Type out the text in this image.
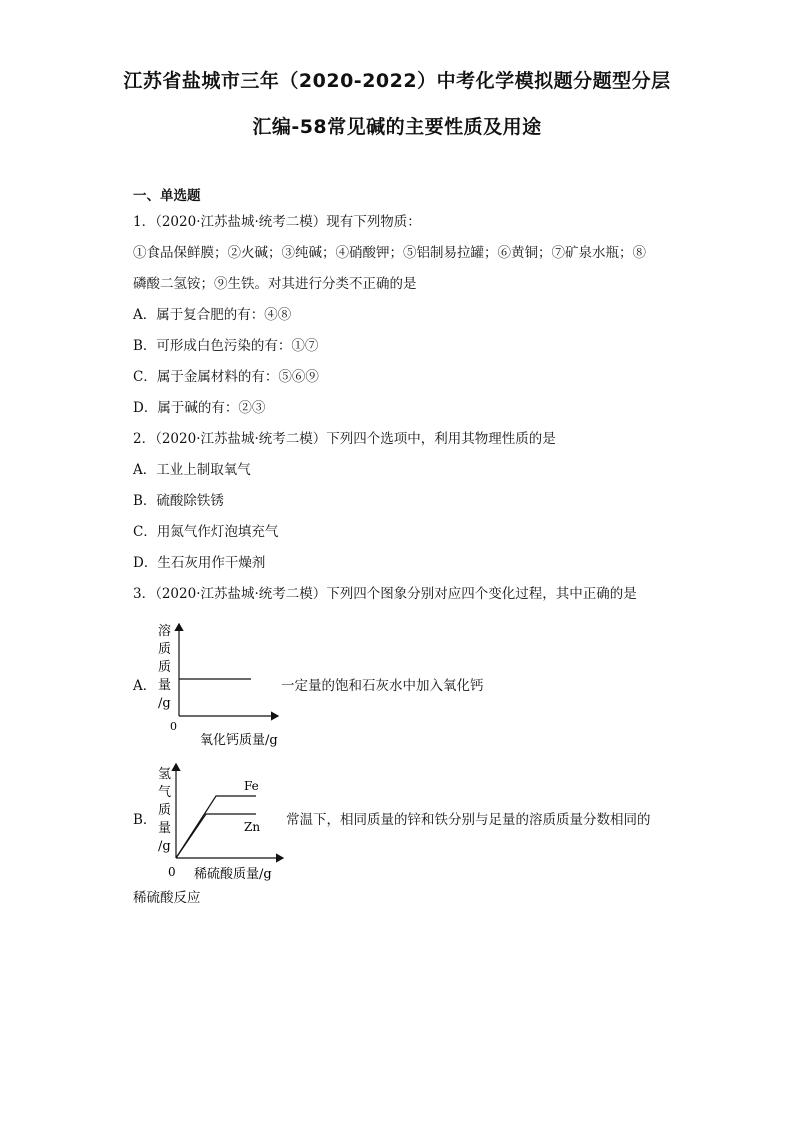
江苏省盐城市三年（2020-2022）中考化学模拟题分题型分层
汇编-58常见碱的主要性质及用途
一、单选题
1．（2020·江苏盐城·统考二模）现有下列物质：
①食品保鲜膜；②火碱；③纯碱；④硝酸钾；⑤铝制易拉罐；⑥黄铜；⑦矿泉水瓶；⑧
磷酸二氢铵；⑨生铁。对其进行分类不正确的是
A．属于复合肥的有：④⑧
B．可形成白色污染的有：①⑦
C．属于金属材料的有：⑤⑥⑨
D．属于碱的有：②③
2．（2020·江苏盐城·统考二模）下列四个选项中，利用其物理性质的是
A．工业上制取氧气
B．硫酸除铁锈
C．用氮气作灯泡填充气
D．生石灰用作干燥剂
3．（2020·江苏盐城·统考二模）下列四个图象分别对应四个变化过程，其中正确的是
A．
溶
质
质
量
/g
0
氧化钙质量/g
一定量的饱和石灰水中加入氧化钙
B．
氢
气
质
量
/g
Fe
Zn
0 稀硫酸质量/g
常温下，相同质量的锌和铁分别与足量的溶质质量分数相同的
稀硫酸反应
